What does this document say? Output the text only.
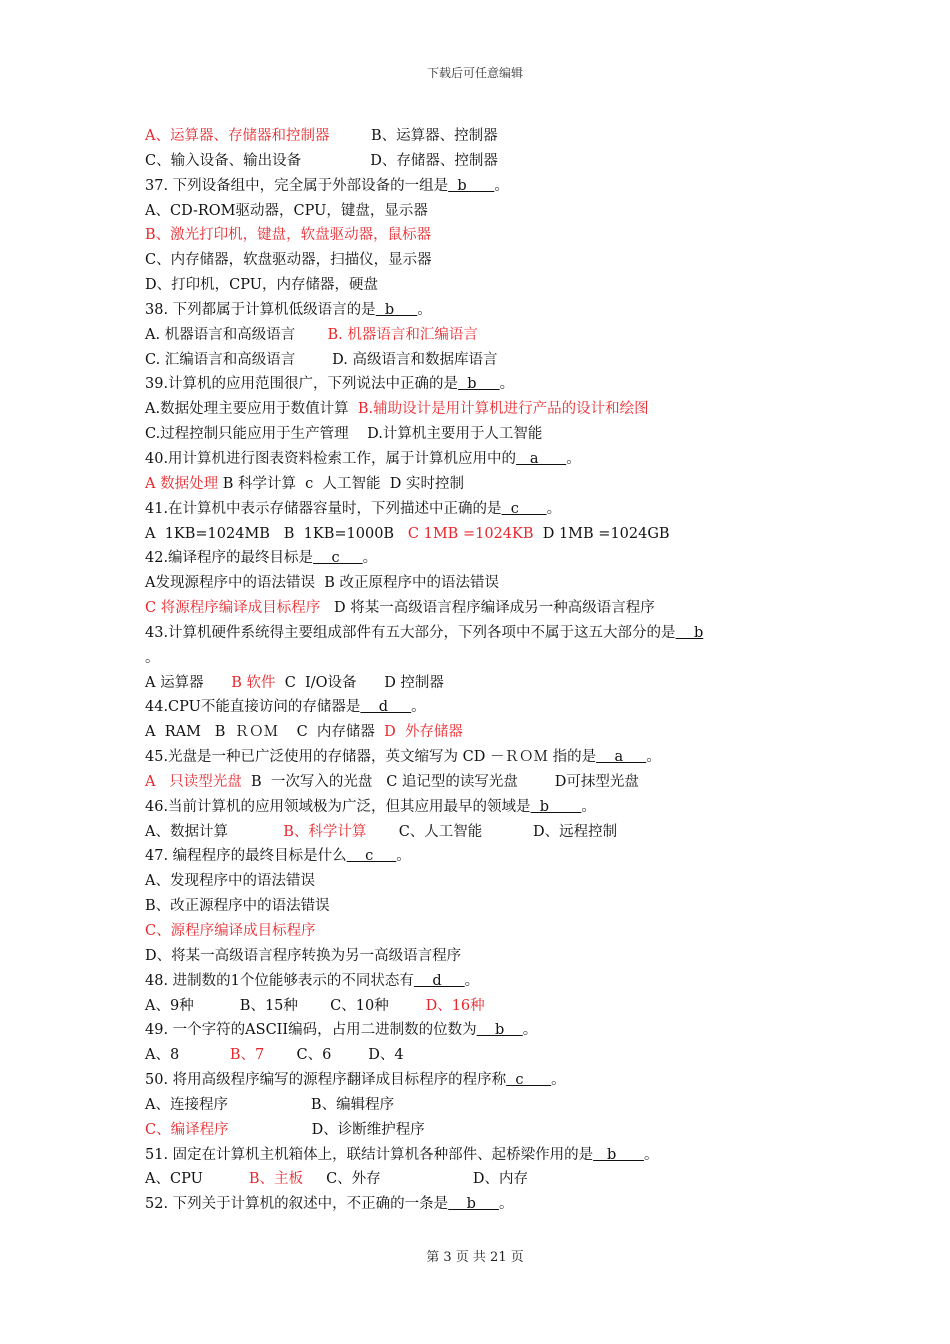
下载后可任意编辑
A、运算器、存储器和控制器         B、运算器、控制器
C、输入设备、输出设备               D、存储器、控制器
37. 下列设备组中，完全属于外部设备的一组是  b      。
A、CD-ROM驱动器，CPU，键盘，显示器
B、激光打印机，键盘，软盘驱动器，鼠标器
C、内存储器，软盘驱动器，扫描仪，显示器
D、打印机，CPU，内存储器，硬盘
38. 下列都属于计算机低级语言的是  b     。
A. 机器语言和高级语言       B. 机器语言和汇编语言
C. 汇编语言和高级语言        D. 高级语言和数据库语言
39.计算机的应用范围很广，下列说法中正确的是  b     。
A.数据处理主要应用于数值计算  B.辅助设计是用计算机进行产品的设计和绘图
C.过程控制只能应用于生产管理    D.计算机主要用于人工智能
40.用计算机进行图表资料检索工作，属于计算机应用中的   a      。
A 数据处理 B 科学计算  c  人工智能  D 实时控制
41.在计算机中表示存储器容量时，下列描述中正确的是  c      。
A  1KB=1024MB   B  1KB=1000B   C 1MB =1024KB  D 1MB =1024GB
42.编译程序的最终目标是    c     。
A发现源程序中的语法错误  B 改正原程序中的语法错误
C 将源程序编译成目标程序   D 将某一高级语言程序编译成另一种高级语言程序
43.计算机硬件系统得主要组成部件有五大部分，下列各项中不属于这五大部分的是    b
。
A 运算器      B 软件  C  I/O设备      D 控制器
44.CPU不能直接访问的存储器是    d     。
A  RAM   B  ＲＯＭ    C  内存储器  D  外存储器
45.光盘是一种已广泛使用的存储器，英文缩写为 CD －ＲＯＭ 指的是    a     。
A   只读型光盘  B  一次写入的光盘   C 追记型的读写光盘        D可抹型光盘
46.当前计算机的应用领域极为广泛，但其应用最早的领域是  b       。
A、数据计算            B、科学计算       C、人工智能           D、远程控制
47. 编程程序的最终目标是什么    c     。
A、发现程序中的语法错误
B、改正源程序中的语法错误
C、源程序编译成目标程序
D、将某一高级语言程序转换为另一高级语言程序
48. 进制数的1个位能够表示的不同状态有    d     。
A、9种          B、15种       C、10种        D、16种
49. 一个字符的ASCII编码，占用二进制数的位数为    b    。
A、8           B、7       C、6        D、4
50. 将用高级程序编写的源程序翻译成目标程序的程序称  c      。
A、连接程序                  B、编辑程序
C、编译程序                  D、诊断维护程序
51. 固定在计算机主机箱体上，联结计算机各种部件、起桥梁作用的是   b      。
A、CPU          B、主板     C、外存                    D、内存
52. 下列关于计算机的叙述中，不正确的一条是    b     。
第 3 页 共 21 页
